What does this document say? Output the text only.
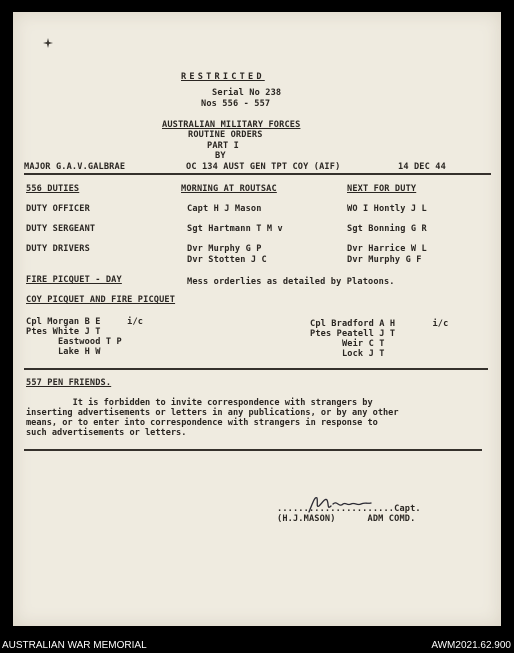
RESTRICTED
Serial No 238
Nos 556 - 557
AUSTRALIAN MILITARY FORCES
ROUTINE ORDERS
PART I
BY
MAJOR G.A.V.GALBRAE	OC 134 AUST GEN TPT COY (AIF)	14 DEC 44
556 DUTIES	MORNING AT ROUTSAC	NEXT FOR DUTY
DUTY OFFICER	Capt H J Mason	WO I Hontly J L
DUTY SERGEANT	Sgt Hartmann T M v	Sgt Bonning G R
DUTY DRIVERS	Dvr Murphy G P	Dvr Harrice W L
Dvr Stotten J C	Dvr Murphy G F
FIRE PICQUET - DAY	Mess orderlies as detailed by Platoons.
COY PICQUET AND FIRE PICQUET
Cpl Morgan B E     i/c
Ptes White J T
Eastwood T P
Lake H W
Cpl Bradford A H       i/c
Ptes Peatell J T
Weir C T
Lock J T
557 PEN FRIENDS.
It is forbidden to invite correspondence with strangers by
inserting advertisements or letters in any publications, or by any other
means, or to enter into correspondence with strangers in response to
such advertisements or letters.
......................Capt.
(H.J.MASON)      ADM COMD.
AUSTRALIAN WAR MEMORIAL	AWM2021.62.900
